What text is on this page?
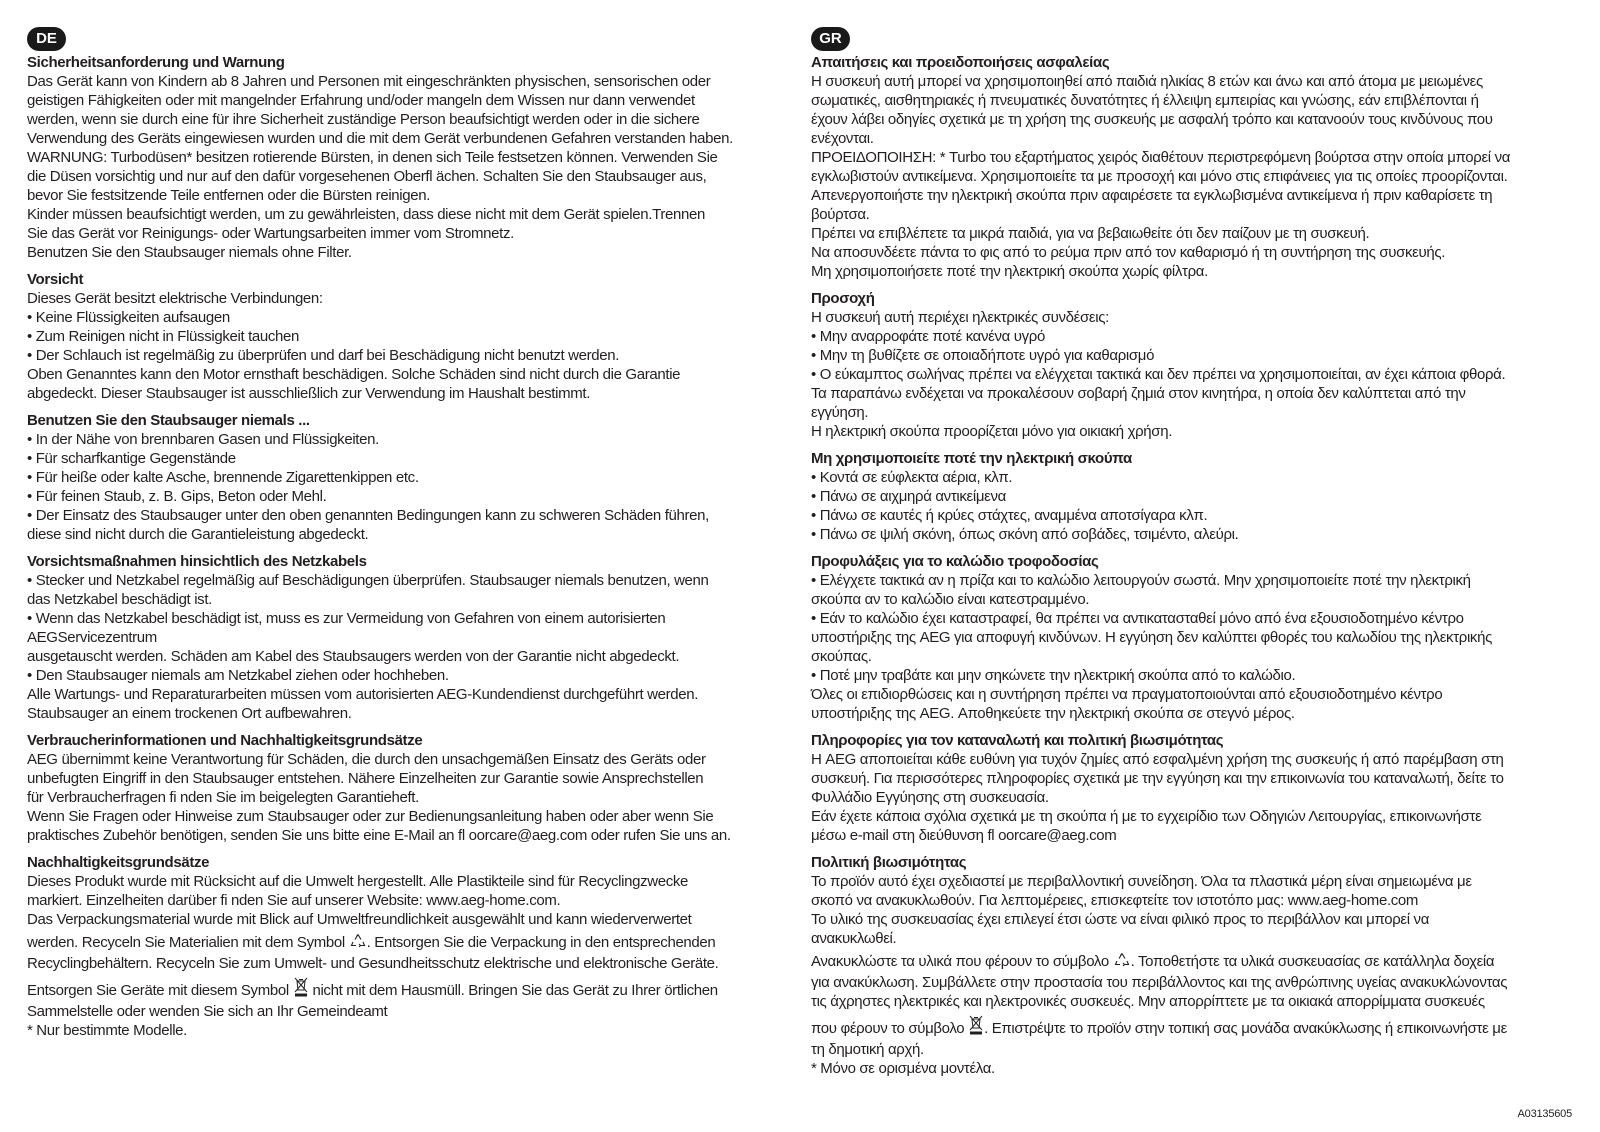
DE
Sicherheitsanforderung und Warnung
Das Gerät kann von Kindern ab 8 Jahren und Personen mit eingeschränkten physischen, sensorischen oder
geistigen Fähigkeiten oder mit mangelnder Erfahrung und/oder mangeln dem Wissen nur dann verwendet
werden, wenn sie durch eine für ihre Sicherheit zuständige Person beaufsichtigt werden oder in die sichere
Verwendung des Geräts eingewiesen wurden und die mit dem Gerät verbundenen Gefahren verstanden haben.
WARNUNG: Turbodüsen* besitzen rotierende Bürsten, in denen sich Teile festsetzen können. Verwenden Sie
die Düsen vorsichtig und nur auf den dafür vorgesehenen Oberfl ächen. Schalten Sie den Staubsauger aus,
bevor Sie festsitzende Teile entfernen oder die Bürsten reinigen.
Kinder müssen beaufsichtigt werden, um zu gewährleisten, dass diese nicht mit dem Gerät spielen.Trennen
Sie das Gerät vor Reinigungs- oder Wartungsarbeiten immer vom Stromnetz.
Benutzen Sie den Staubsauger niemals ohne Filter.
Vorsicht
Dieses Gerät besitzt elektrische Verbindungen:
• Keine Flüssigkeiten aufsaugen
• Zum Reinigen nicht in Flüssigkeit tauchen
• Der Schlauch ist regelmäßig zu überprüfen und darf bei Beschädigung nicht benutzt werden.
Oben Genanntes kann den Motor ernsthaft beschädigen. Solche Schäden sind nicht durch die Garantie
abgedeckt. Dieser Staubsauger ist ausschließlich zur Verwendung im Haushalt bestimmt.
Benutzen Sie den Staubsauger niemals ...
• In der Nähe von brennbaren Gasen und Flüssigkeiten.
• Für scharfkantige Gegenstände
• Für heiße oder kalte Asche, brennende Zigarettenkippen etc.
• Für feinen Staub, z. B. Gips, Beton oder Mehl.
• Der Einsatz des Staubsauger unter den oben genannten Bedingungen kann zu schweren Schäden führen,
diese sind nicht durch die Garantieleistung abgedeckt.
Vorsichtsmaßnahmen hinsichtlich des Netzkabels
• Stecker und Netzkabel regelmäßig auf Beschädigungen überprüfen. Staubsauger niemals benutzen, wenn
das Netzkabel beschädigt ist.
• Wenn das Netzkabel beschädigt ist, muss es zur Vermeidung von Gefahren von einem autorisierten
AEGServicezentrum
ausgetauscht werden. Schäden am Kabel des Staubsaugers werden von der Garantie nicht abgedeckt.
• Den Staubsauger niemals am Netzkabel ziehen oder hochheben.
Alle Wartungs- und Reparaturarbeiten müssen vom autorisierten AEG-Kundendienst durchgeführt werden.
Staubsauger an einem trockenen Ort aufbewahren.
Verbraucherinformationen und Nachhaltigkeitsgrundsätze
AEG übernimmt keine Verantwortung für Schäden, die durch den unsachgemäßen Einsatz des Geräts oder
unbefugten Eingriff in den Staubsauger entstehen. Nähere Einzelheiten zur Garantie sowie Ansprechstellen
für Verbraucherfragen fi nden Sie im beigelegten Garantieheft.
Wenn Sie Fragen oder Hinweise zum Staubsauger oder zur Bedienungsanleitung haben oder aber wenn Sie
praktisches Zubehör benötigen, senden Sie uns bitte eine E-Mail an fl oorcare@aeg.com oder rufen Sie uns an.
Nachhaltigkeitsgrundsätze
Dieses Produkt wurde mit Rücksicht auf die Umwelt hergestellt. Alle Plastikteile sind für Recyclingzwecke
markiert. Einzelheiten darüber fi nden Sie auf unserer Website: www.aeg-home.com.
Das Verpackungsmaterial wurde mit Blick auf Umweltfreundlichkeit ausgewählt und kann wiederverwertet
werden. Recyceln Sie Materialien mit dem Symbol . Entsorgen Sie die Verpackung in den entsprechenden
Recyclingbehältern. Recyceln Sie zum Umwelt- und Gesundheitsschutz elektrische und elektronische Geräte.
Entsorgen Sie Geräte mit diesem Symbol  nicht mit dem Hausmüll. Bringen Sie das Gerät zu Ihrer örtlichen
Sammelstelle oder wenden Sie sich an Ihr Gemeindeamt
* Nur bestimmte Modelle.
GR
Απαιτήσεις και προειδοποιήσεις ασφαλείας
Η συσκευή αυτή μπορεί να χρησιμοποιηθεί από παιδιά ηλικίας 8 ετών και άνω και από άτομα με μειωμένες
σωματικές, αισθητηριακές ή πνευματικές δυνατότητες ή έλλειψη εμπειρίας και γνώσης, εάν επιβλέπονται ή
έχουν λάβει οδηγίες σχετικά με τη χρήση της συσκευής με ασφαλή τρόπο και κατανοούν τους κινδύνους που
ενέχονται.
ΠΡΟΕΙΔΟΠΟΙΗΣΗ: * Turbo του εξαρτήματος χειρός διαθέτουν περιστρεφόμενη βούρτσα στην οποία μπορεί να
εγκλωβιστούν αντικείμενα. Χρησιμοποιείτε τα με προσοχή και μόνο στις επιφάνειες για τις οποίες προορίζονται.
Απενεργοποιήστε την ηλεκτρική σκούπα πριν αφαιρέσετε τα εγκλωβισμένα αντικείμενα ή πριν καθαρίσετε τη
βούρτσα.
Πρέπει να επιβλέπετε τα μικρά παιδιά, για να βεβαιωθείτε ότι δεν παίζουν με τη συσκευή.
Να αποσυνδέετε πάντα το φις από το ρεύμα πριν από τον καθαρισμό ή τη συντήρηση της συσκευής.
Μη χρησιμοποιήσετε ποτέ την ηλεκτρική σκούπα χωρίς φίλτρα.
Προσοχή
Η συσκευή αυτή περιέχει ηλεκτρικές συνδέσεις:
• Μην αναρροφάτε ποτέ κανένα υγρό
• Μην τη βυθίζετε σε οποιαδήποτε υγρό για καθαρισμό
• Ο εύκαμπτος σωλήνας πρέπει να ελέγχεται τακτικά και δεν πρέπει να χρησιμοποιείται, αν έχει κάποια φθορά.
Τα παραπάνω ενδέχεται να προκαλέσουν σοβαρή ζημιά στον κινητήρα, η οποία δεν καλύπτεται από την
εγγύηση.
Η ηλεκτρική σκούπα προορίζεται μόνο για οικιακή χρήση.
Μη χρησιμοποιείτε ποτέ την ηλεκτρική σκούπα
• Κοντά σε εύφλεκτα αέρια, κλπ.
• Πάνω σε αιχμηρά αντικείμενα
• Πάνω σε καυτές ή κρύες στάχτες, αναμμένα αποτσίγαρα κλπ.
• Πάνω σε ψιλή σκόνη, όπως σκόνη από σοβάδες, τσιμέντο, αλεύρι.
Προφυλάξεις για το καλώδιο τροφοδοσίας
• Ελέγχετε τακτικά αν η πρίζα και το καλώδιο λειτουργούν σωστά. Μην χρησιμοποιείτε ποτέ την ηλεκτρική
σκούπα αν το καλώδιο είναι κατεστραμμένο.
• Εάν το καλώδιο έχει καταστραφεί, θα πρέπει να αντικατασταθεί μόνο από ένα εξουσιοδοτημένο κέντρο
υποστήριξης της AEG για αποφυγή κινδύνων. Η εγγύηση δεν καλύπτει φθορές του καλωδίου της ηλεκτρικής
σκούπας.
• Ποτέ μην τραβάτε και μην σηκώνετε την ηλεκτρική σκούπα από το καλώδιο.
Όλες οι επιδιορθώσεις και η συντήρηση πρέπει να πραγματοποιούνται από εξουσιοδοτημένο κέντρο
υποστήριξης της AEG. Αποθηκεύετε την ηλεκτρική σκούπα σε στεγνό μέρος.
Πληροφορίες για τον καταναλωτή και πολιτική βιωσιμότητας
Η AEG αποποιείται κάθε ευθύνη για τυχόν ζημίες από εσφαλμένη χρήση της συσκευής ή από παρέμβαση στη
συσκευή. Για περισσότερες πληροφορίες σχετικά με την εγγύηση και την επικοινωνία του καταναλωτή, δείτε το
Φυλλάδιο Εγγύησης στη συσκευασία.
Εάν έχετε κάποια σχόλια σχετικά με τη σκούπα ή με το εγχειρίδιο των Οδηγιών Λειτουργίας, επικοινωνήστε
μέσω e-mail στη διεύθυνση fl oorcare@aeg.com
Πολιτική βιωσιμότητας
Το προϊόν αυτό έχει σχεδιαστεί με περιβαλλοντική συνείδηση. Όλα τα πλαστικά μέρη είναι σημειωμένα με
σκοπό να ανακυκλωθούν. Για λεπτομέρειες, επισκεφτείτε τον ιστοτόπο μας: www.aeg-home.com
Το υλικό της συσκευασίας έχει επιλεγεί έτσι ώστε να είναι φιλικό προς το περιβάλλον και μπορεί να
ανακυκλωθεί.
Ανακυκλώστε τα υλικά που φέρουν το σύμβολο . Τοποθετήστε τα υλικά συσκευασίας σε κατάλληλα δοχεία
για ανακύκλωση. Συμβάλλετε στην προστασία του περιβάλλοντος και της ανθρώπινης υγείας ανακυκλώνοντας
τις άχρηστες ηλεκτρικές και ηλεκτρονικές συσκευές. Μην απορρίπτετε με τα οικιακά απορρίμματα συσκευές
που φέρουν το σύμβολο . Επιστρέψτε το προϊόν στην τοπική σας μονάδα ανακύκλωσης ή επικοινωνήστε με
τη δημοτική αρχή.
* Μόνο σε ορισμένα μοντέλα.
A03135605
